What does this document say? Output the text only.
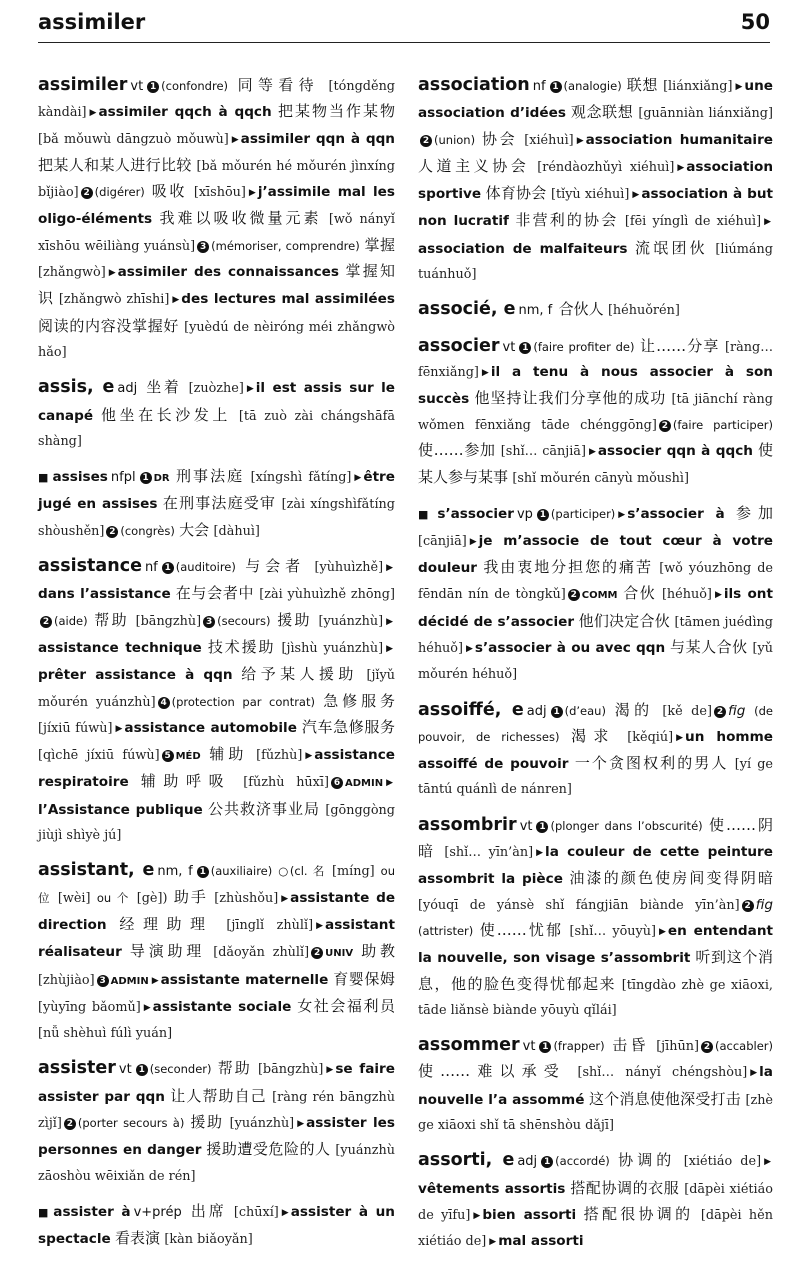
assimiler	50

assimiler vt 1 (confondre) 同等看待 [tóngděng kàndài] ▶ assimiler qqch à qqch 把某物当作某物 [bǎ mǒuwù dāngzuò mǒuwù] ▶ assimiler qqn à qqn 把某人和某人进行比较 [bǎ mǒurén hé mǒurén jìnxíng bǐjiào] 2 (digérer) 吸收 [xīshōu] ▶ j’assimile mal les oligo-éléments 我难以吸收微量元素 [wǒ nányǐ xīshōu wēiliàng yuánsù] 3 (mémoriser, comprendre) 掌握 [zhǎngwò] ▶ assimiler des connaissances 掌握知识 [zhǎngwò zhīshi] ▶ des lectures mal assimilées 阅读的内容没掌握好 [yuèdú de nèiróng méi zhǎngwò hǎo]

assis, e adj 坐着 [zuòzhe] ▶ il est assis sur le canapé 他坐在长沙发上 [tā zuò zài chángshāfā shàng]

■ assises nfpl 1 DR 刑事法庭 [xíngshì fǎtíng] ▶ être jugé en assises 在刑事法庭受审 [zài xíngshìfǎtíng shòushěn] 2 (congrès) 大会 [dàhuì]

assistance nf 1 (auditoire) 与会者 [yùhuìzhě] ▶dans l’assistance 在与会者中 [zài yùhuìzhě zhōng]2 (aide) 帮助 [bāngzhù] 3 (secours) 援助 [yuánzhù] ▶assistance technique 技术援助 [jìshù yuánzhù] ▶prêter assistance à qqn 给予某人援助 [jǐyǔ mǒurén yuánzhù] 4 (protection par contrat) 急修服务 [jíxiū fúwù] ▶ assistance automobile 汽车急修服务 [qìchē jíxiū fúwù] 5 MÉD 辅助 [fǔzhù] ▶ assistance respiratoire 辅助呼吸 [fǔzhù hūxī] 6 ADMIN ▶l’Assistance publique 公共救济事业局 [gōnggòng jiùjì shìyè jú]

assistant, e nm, f 1 (auxiliaire) ○(cl. 名 [míng] ou 位 [wèi] ou 个 [gè]) 助手 [zhùshǒu] ▶ assistante de direction 经理助理 [jīnglǐ zhùlǐ] ▶ assistant réalisateur 导演助理 [dǎoyǎn zhùlǐ] 2 UNIV 助教 [zhùjiào] 3 ADMIN ▶ assistante maternelle 育婴保姆 [yùyīng bǎomǔ] ▶ assistante sociale 女社会福利员 [nǚ shèhuì fúlì yuán]

assister vt 1 (seconder) 帮助 [bāngzhù] ▶ se faire assister par qqn 让人帮助自己 [ràng rén bāngzhù zìjǐ] 2 (porter secours à) 援助 [yuánzhù] ▶ assister les personnes en danger 援助遭受危险的人 [yuánzhù zāoshòu wēixiǎn de rén]

■ assister à v+prép 出席 [chūxí] ▶ assister à un spectacle 看表演 [kàn biǎoyǎn]

association nf 1 (analogie) 联想 [liánxiǎng] ▶ une association d’idées 观念联想 [guānniàn liánxiǎng]2 (union) 协会 [xiéhuì] ▶ association humanitaire 人道主义协会 [réndàozhǔyì xiéhuì] ▶ association sportive 体育协会 [tǐyù xiéhuì] ▶ association à but non lucratif 非营利的协会 [fēi yínglì de xiéhuì] ▶association de malfaiteurs 流氓团伙 [liúmáng tuánhuǒ]

associé, e nm, f 合伙人 [héhuǒrén]

associer vt 1 (faire profiter de) 让……分享 [ràng… fēnxiǎng] ▶ il a tenu à nous associer à son succès 他坚持让我们分享他的成功 [tā jiānchí ràng wǒmen fēnxiǎng tāde chénggōng] 2 (faire participer) 使……参加 [shǐ… cānjiā] ▶ associer qqn à qqch 使某人参与某事 [shǐ mǒurén cānyù mǒushì]

■ s’associer vp 1 (participer) ▶ s’associer à 参加 [cānjiā] ▶ je m’associe de tout cœur à votre douleur 我由衷地分担您的痛苦 [wǒ yóuzhōng de fēndān nín de tòngkǔ] 2 COMM 合伙 [héhuǒ] ▶ ils ont décidé de s’associer 他们决定合伙 [tāmen juédìng héhuǒ] ▶ s’associer à ou avec qqn 与某人合伙 [yǔ mǒurén héhuǒ]

assoiffé, e adj 1 (d’eau) 渴的 [kě de] 2 fig (de pouvoir, de richesses) 渴求 [kěqiú] ▶ un homme assoiffé de pouvoir 一个贪图权利的男人 [yí ge tāntú quánlì de nánren]

assombrir vt 1 (plonger dans l’obscurité) 使……阴暗 [shǐ… yīn’àn] ▶ la couleur de cette peinture assombrit la pièce 油漆的颜色使房间变得阴暗 [yóuqī de yánsè shǐ fángjiān biànde yīn’àn] 2 fig (attrister) 使……忧郁 [shǐ… yōuyù] ▶ en entendant la nouvelle, son visage s’assombrit 听到这个消息，他的脸色变得忧郁起来 [tīngdào zhè ge xiāoxi, tāde liǎnsè biànde yōuyù qǐlái]

assommer vt 1 (frapper) 击昏 [jīhūn] 2 (accabler) 使……难以承受 [shǐ… nányǐ chéngshòu] ▶ la nouvelle l’a assommé 这个消息使他深受打击 [zhè ge xiāoxi shǐ tā shēnshòu dǎjī]

assorti, e adj 1 (accordé) 协调的 [xiétiáo de] ▶vêtements assortis 搭配协调的衣服 [dāpèi xiétiáo de yīfu] ▶ bien assorti 搭配很协调的 [dāpèi hěn xiétiáo de] ▶ mal assorti
